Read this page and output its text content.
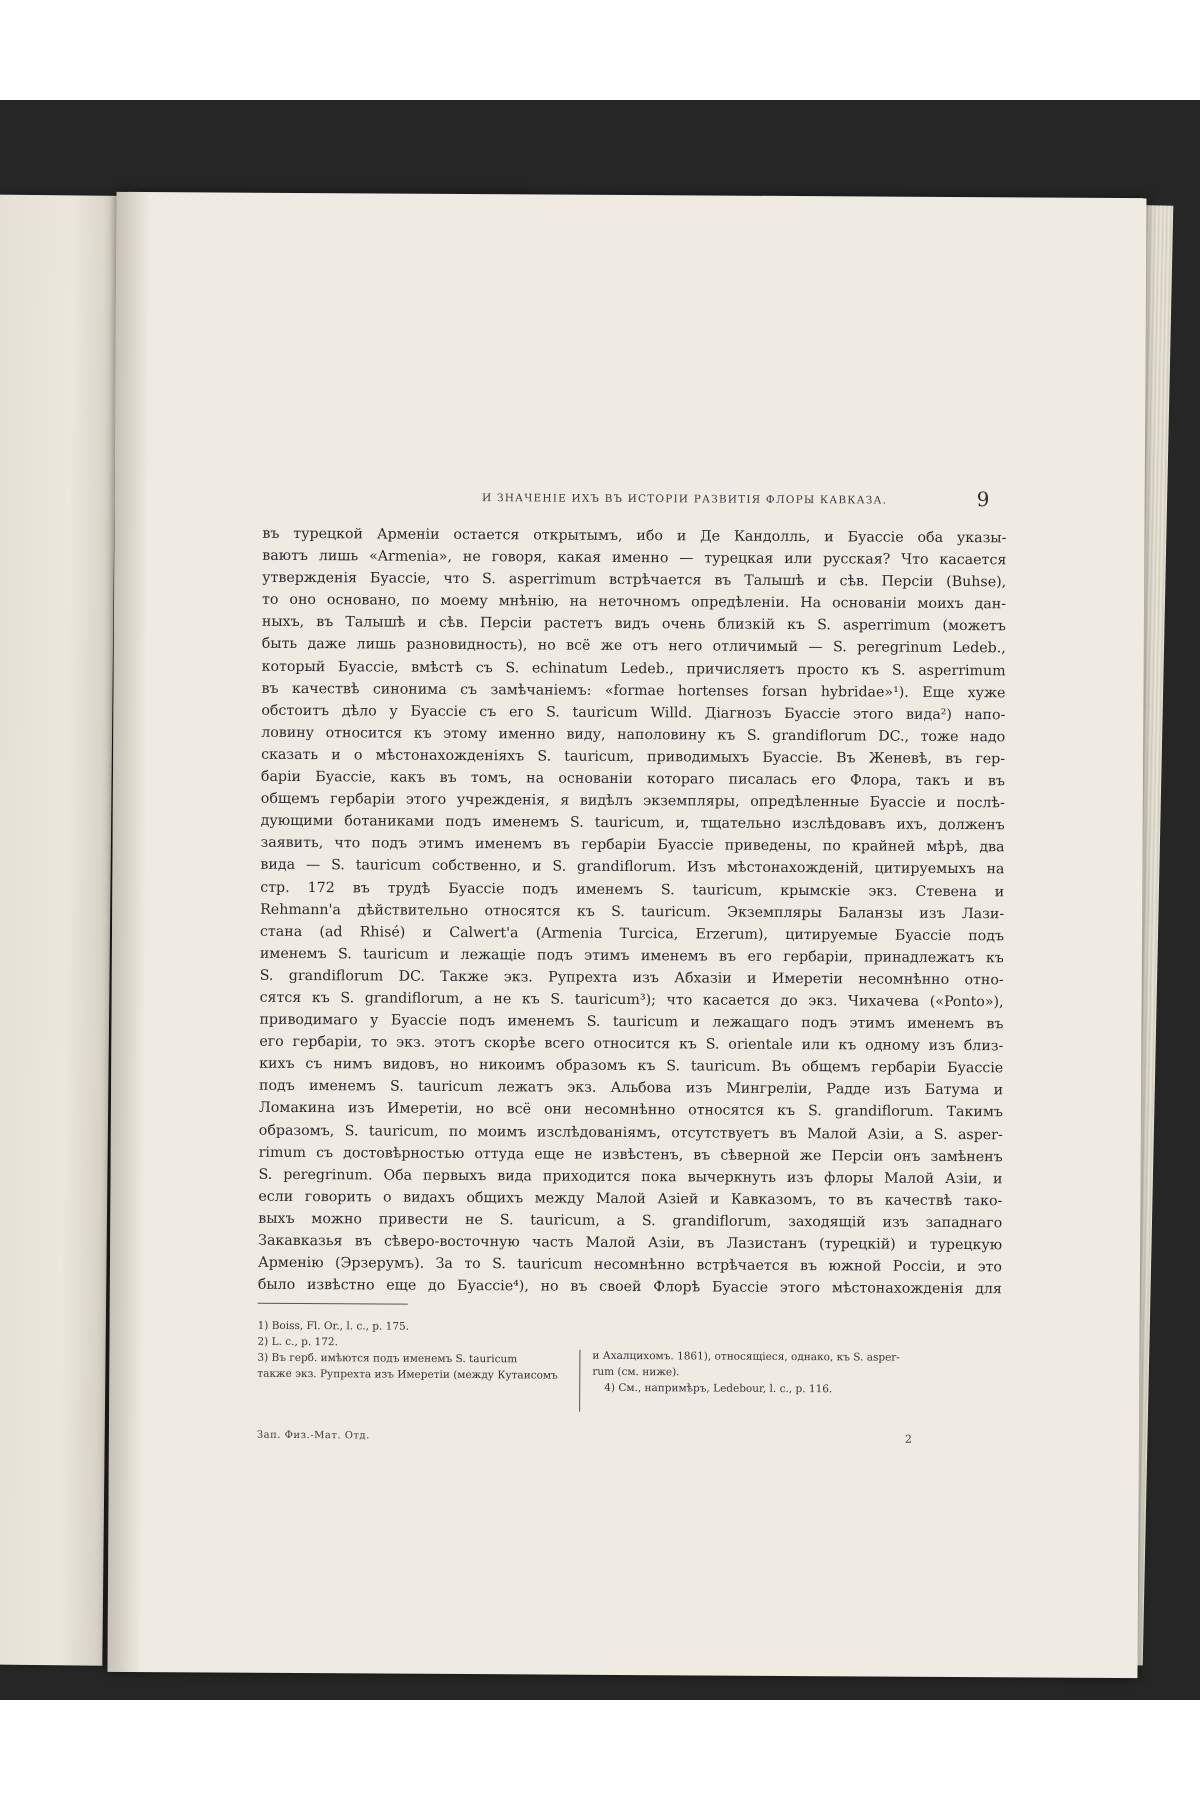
И ЗНАЧЕНІЕ ИХЪ ВЪ ИСТОРІИ РАЗВИТІЯ ФЛОРЫ КАВКАЗА.	9
въ турецкой Арменіи остается открытымъ, ибо и Де Кандолль, и Буассіе оба указы-
ваютъ лишь «Armenia», не говоря, какая именно — турецкая или русская? Что касается
утвержденія Буассіе, что S. asperrimum встрѣчается въ Талышѣ и сѣв. Персіи (Buhse),
то оно основано, по моему мнѣнію, на неточномъ опредѣленіи. На основаніи моихъ дан-
ныхъ, въ Талышѣ и сѣв. Персіи растетъ видъ очень близкій къ S. asperrimum (можетъ
быть даже лишь разновидность), но всё же отъ него отличимый — S. peregrinum Ledeb.,
который Буассіе, вмѣстѣ съ S. echinatum Ledeb., причисляетъ просто къ S. asperrimum
въ качествѣ синонима съ замѣчаніемъ: «formae hortenses forsan hybridae»¹). Еще хуже
обстоитъ дѣло у Буассіе съ его S. tauricum Willd. Діагнозъ Буассіе этого вида²) напо-
ловину относится къ этому именно виду, наполовину къ S. grandiflorum DC., тоже надо
сказать и о мѣстонахожденіяхъ S. tauricum, приводимыхъ Буассіе. Въ Женевѣ, въ гер-
баріи Буассіе, какъ въ томъ, на основаніи котораго писалась его Флора, такъ и въ
общемъ гербаріи этого учрежденія, я видѣлъ экземпляры, опредѣленные Буассіе и послѣ-
дующими ботаниками подъ именемъ S. tauricum, и, тщательно изслѣдовавъ ихъ, долженъ
заявить, что подъ этимъ именемъ въ гербаріи Буассіе приведены, по крайней мѣрѣ, два
вида — S. tauricum собственно, и S. grandiflorum. Изъ мѣстонахожденій, цитируемыхъ на
стр. 172 въ трудѣ Буассіе подъ именемъ S. tauricum, крымскіе экз. Стевена и
Rehmann'а дѣйствительно относятся къ S. tauricum. Экземпляры Баланзы изъ Лази-
стана (ad Rhisé) и Calwert'а (Armenia Turcica, Erzerum), цитируемые Буассіе подъ
именемъ S. tauricum и лежащіе подъ этимъ именемъ въ его гербаріи, принадлежатъ къ
S. grandiflorum DC. Также экз. Рупрехта изъ Абхазіи и Имеретіи несомнѣнно отно-
сятся къ S. grandiflorum, а не къ S. tauricum³); что касается до экз. Чихачева («Ponto»),
приводимаго у Буассіе подъ именемъ S. tauricum и лежащаго подъ этимъ именемъ въ
его гербаріи, то экз. этотъ скорѣе всего относится къ S. orientale или къ одному изъ близ-
кихъ съ нимъ видовъ, но никоимъ образомъ къ S. tauricum. Въ общемъ гербаріи Буассіе
подъ именемъ S. tauricum лежатъ экз. Альбова изъ Мингреліи, Радде изъ Батума и
Ломакина изъ Имеретіи, но всё они несомнѣнно относятся къ S. grandiflorum. Такимъ
образомъ, S. tauricum, по моимъ изслѣдованіямъ, отсутствуетъ въ Малой Азіи, а S. asper-
rimum съ достовѣрностью оттуда еще не извѣстенъ, въ сѣверной же Персіи онъ замѣненъ
S. peregrinum. Оба первыхъ вида приходится пока вычеркнуть изъ флоры Малой Азіи, и
если говорить о видахъ общихъ между Малой Азіей и Кавказомъ, то въ качествѣ тако-
выхъ можно привести не S. tauricum, а S. grandiflorum, заходящій изъ западнаго
Закавказья въ сѣверо-восточную часть Малой Азіи, въ Лазистанъ (турецкій) и турецкую
Арменію (Эрзерумъ). За то S. tauricum несомнѣнно встрѣчается въ южной Россіи, и это
было извѣстно еще до Буассіе⁴), но въ своей Флорѣ Буассіе этого мѣстонахожденія для
1) Boiss, Fl. Or., l. c., p. 175.
2) L. c., p. 172.
3) Въ герб. имѣются подъ именемъ S. tauricum
также экз. Рупрехта изъ Имеретіи (между Кутаисомъ
и Ахалцихомъ. 1861), относящіеся, однако, къ S. asper-
rum (см. ниже).
4) См., напримѣръ, Ledebour, l. c., p. 116.
Зап. Физ.-Мат. Отд.	2
